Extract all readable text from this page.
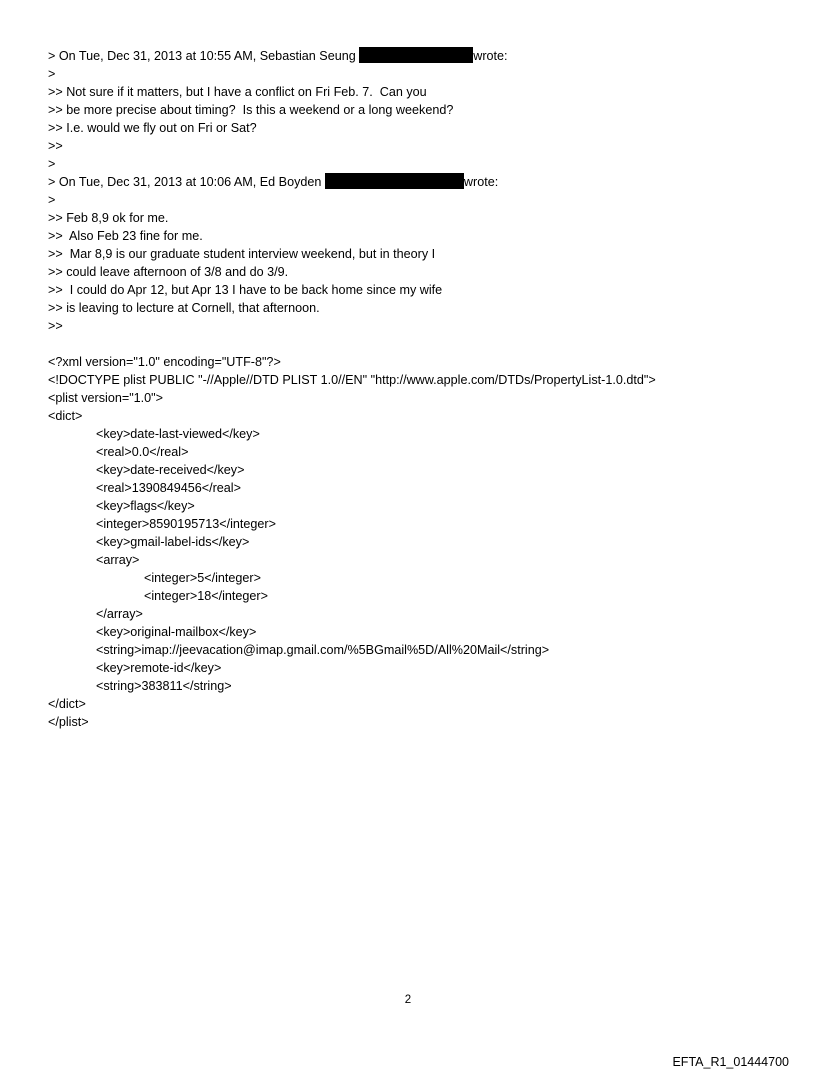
> On Tue, Dec 31, 2013 at 10:55 AM, Sebastian Seung	wrote:
>
>> Not sure if it matters, but I have a conflict on Fri Feb. 7.  Can you
>> be more precise about timing?  Is this a weekend or a long weekend?
>> I.e. would we fly out on Fri or Sat?
>>
>
> On Tue, Dec 31, 2013 at 10:06 AM, Ed Boyden	wrote:
>
>> Feb 8,9 ok for me.
>>  Also Feb 23 fine for me.
>>  Mar 8,9 is our graduate student interview weekend, but in theory I
>> could leave afternoon of 3/8 and do 3/9.
>>  I could do Apr 12, but Apr 13 I have to be back home since my wife
>> is leaving to lecture at Cornell, that afternoon.
>>
<?xml version="1.0" encoding="UTF-8"?>
<!DOCTYPE plist PUBLIC "-//Apple//DTD PLIST 1.0//EN" "http://www.apple.com/DTDs/PropertyList-1.0.dtd">
<plist version="1.0">
<dict>
<key>date-last-viewed</key>
<real>0.0</real>
<key>date-received</key>
<real>1390849456</real>
<key>flags</key>
<integer>8590195713</integer>
<key>gmail-label-ids</key>
<array>
<integer>5</integer>
<integer>18</integer>
</array>
<key>original-mailbox</key>
<string>imap://jeevacation@imap.gmail.com/%5BGmail%5D/All%20Mail</string>
<key>remote-id</key>
<string>383811</string>
</dict>
</plist>
2
EFTA_R1_01444700
